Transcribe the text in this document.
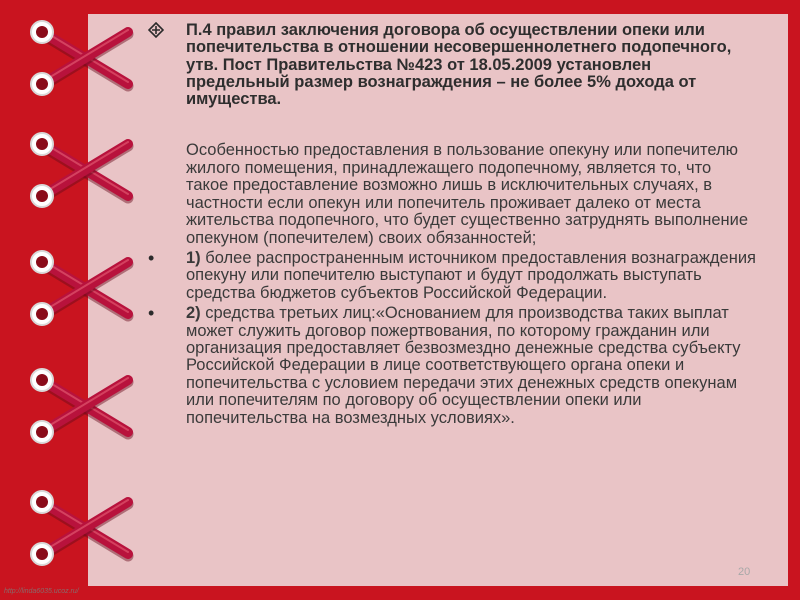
П.4 правил заключения договора об осуществлении опеки или попечительства в отношении несовершеннолетнего подопечного, утв. Пост Правительства №423 от 18.05.2009 установлен предельный размер вознаграждения – не более 5% дохода от имущества.
Особенностью предоставления в пользование опекуну или попечителю жилого помещения, принадлежащего подопечному, является то, что такое предоставление возможно лишь в исключительных случаях, в частности если опекун или попечитель проживает далеко от места жительства подопечного, что будет существенно затруднять выполнение опекуном (попечителем) своих обязанностей;
•	1) более распространенным источником предоставления вознаграждения опекуну или попечителю выступают и будут продолжать выступать средства бюджетов субъектов Российской Федерации.
•	2) средства третьих лиц:«Основанием для производства таких выплат может служить договор пожертвования, по которому гражданин или организация предоставляет безвозмездно денежные средства субъекту Российской Федерации в лице соответствующего органа опеки и попечительства с условием передачи этих денежных средств опекунам или попечителям по договору об осуществлении опеки или попечительства на возмездных условиях».
20
http://linda6035.ucoz.ru/
